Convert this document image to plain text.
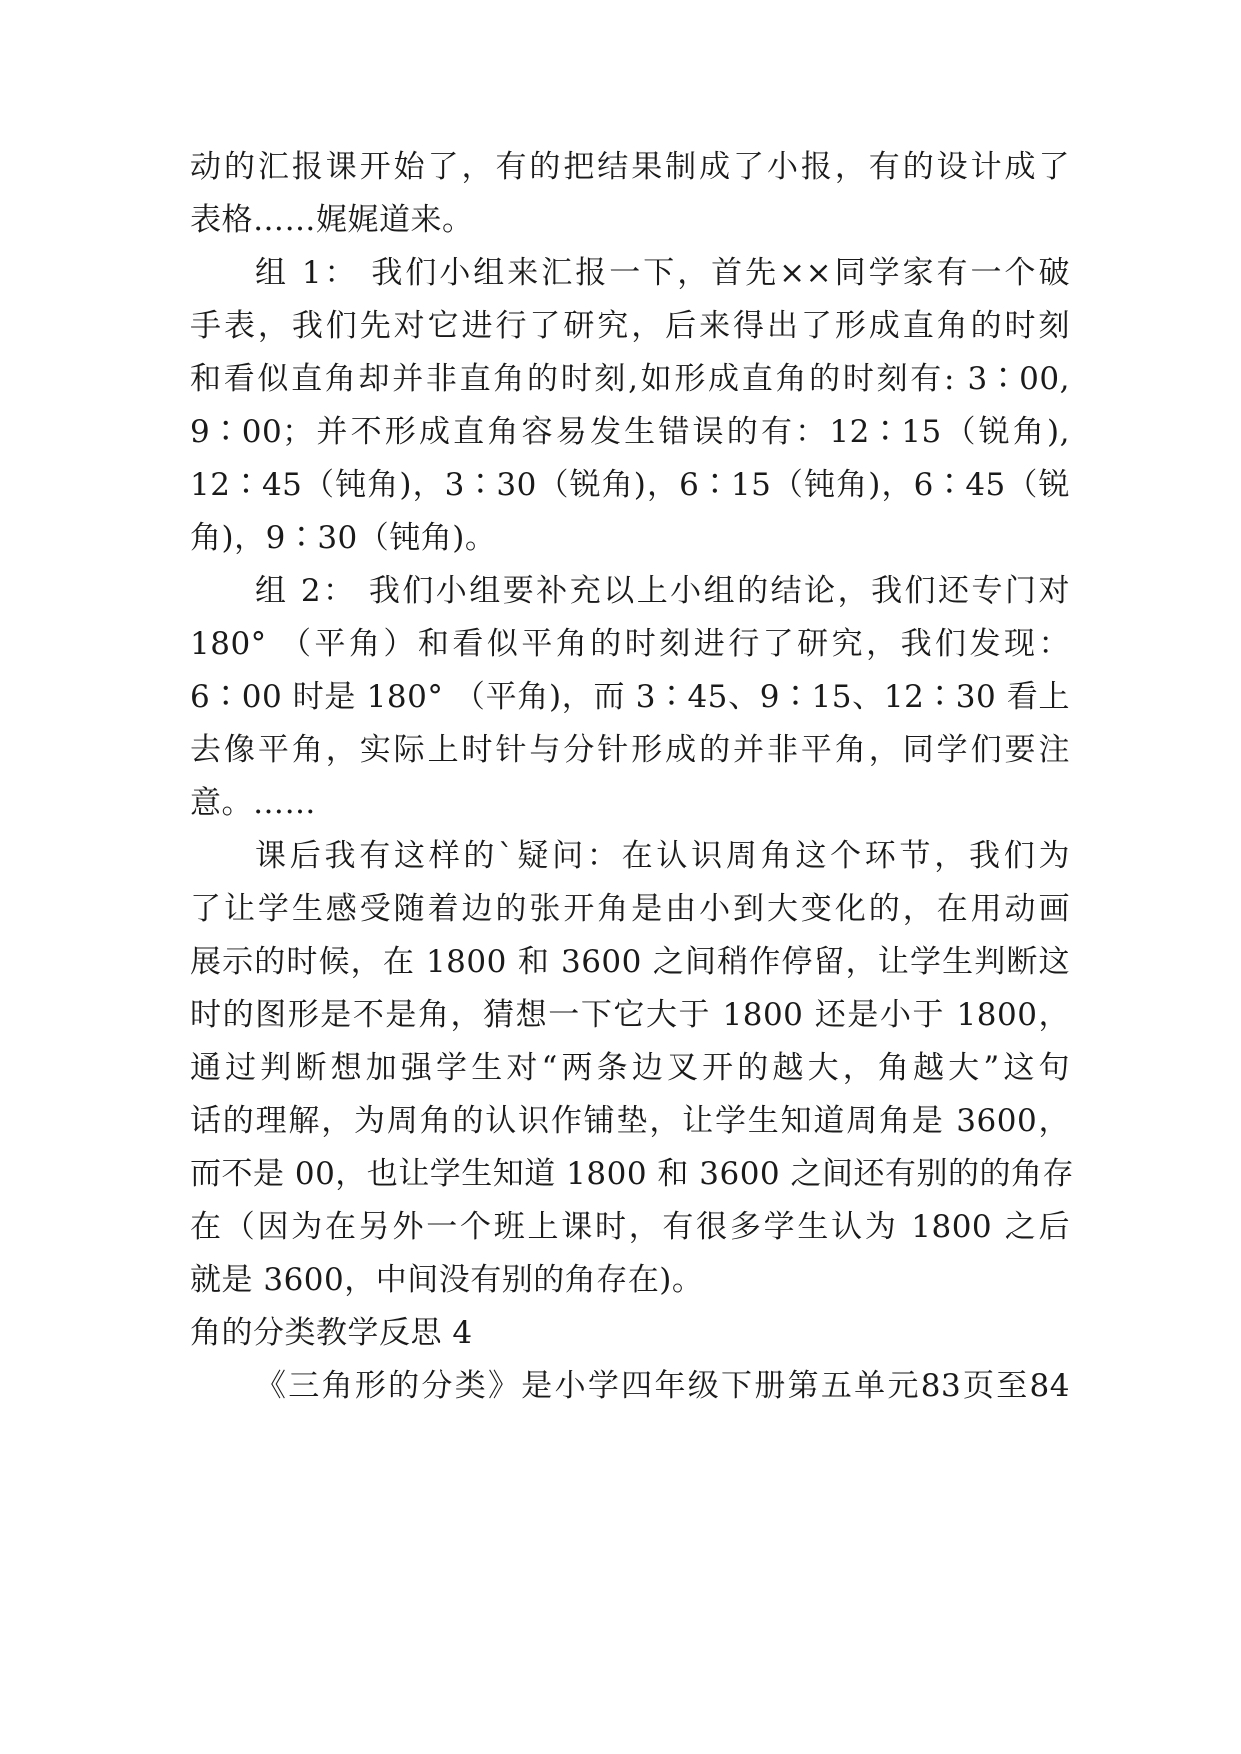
动的汇报课开始了，有的把结果制成了小报，有的设计成了
表格……娓娓道来。
组 1： 我们小组来汇报一下，首先××同学家有一个破
手表，我们先对它进行了研究，后来得出了形成直角的时刻
和看似直角却并非直角的时刻,如形成直角的时刻有: 3∶00,
9∶00；并不形成直角容易发生错误的有：12∶15（锐角),
12∶45（钝角)，3∶30（锐角)，6∶15（钝角)，6∶45（锐
角)，9∶30（钝角)。
组 2： 我们小组要补充以上小组的结论，我们还专门对
180° （平角）和看似平角的时刻进行了研究，我们发现：
6∶00 时是 180° （平角)，而 3∶45、9∶15、12∶30 看上
去像平角，实际上时针与分针形成的并非平角，同学们要注
意。……
课后我有这样的`疑问：在认识周角这个环节，我们为
了让学生感受随着边的张开角是由小到大变化的，在用动画
展示的时候，在 1800 和 3600 之间稍作停留，让学生判断这
时的图形是不是角，猜想一下它大于 1800 还是小于 1800，
通过判断想加强学生对“两条边叉开的越大，角越大”这句
话的理解，为周角的认识作铺垫，让学生知道周角是 3600，
而不是 00，也让学生知道 1800 和 3600 之间还有别的的角存
在（因为在另外一个班上课时，有很多学生认为 1800 之后
就是 3600，中间没有别的角存在)。
角的分类教学反思 4
《三角形的分类》是小学四年级下册第五单元83页至84
